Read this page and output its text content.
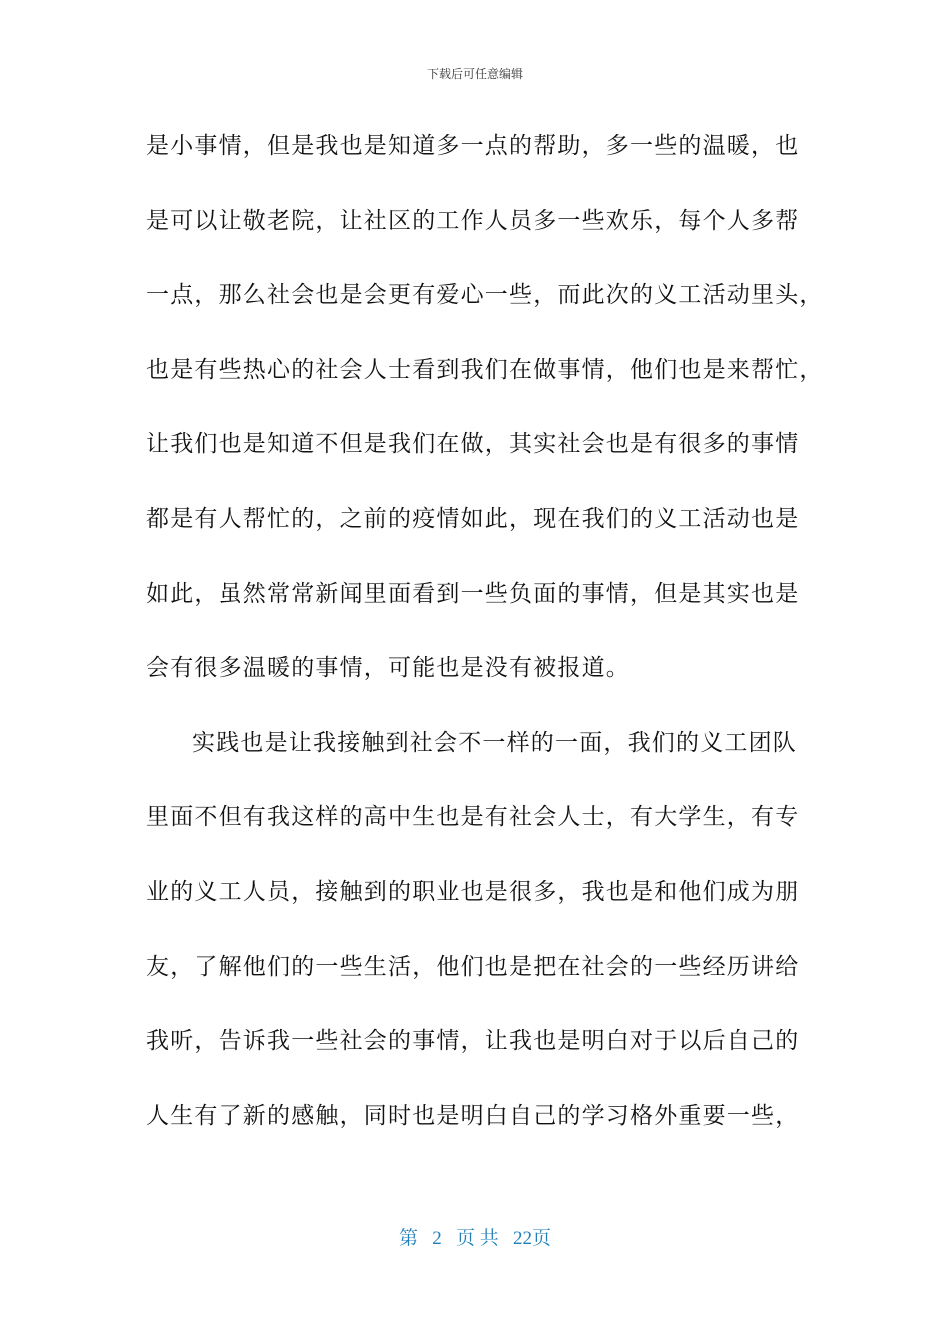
下载后可任意编辑
是小事情，但是我也是知道多一点的帮助，多一些的温暖，也
是可以让敬老院，让社区的工作人员多一些欢乐，每个人多帮
一点，那么社会也是会更有爱心一些，而此次的义工活动里头，
也是有些热心的社会人士看到我们在做事情，他们也是来帮忙，
让我们也是知道不但是我们在做，其实社会也是有很多的事情
都是有人帮忙的，之前的疫情如此，现在我们的义工活动也是
如此，虽然常常新闻里面看到一些负面的事情，但是其实也是
会有很多温暖的事情，可能也是没有被报道。
实践也是让我接触到社会不一样的一面，我们的义工团队
里面不但有我这样的高中生也是有社会人士，有大学生，有专
业的义工人员，接触到的职业也是很多，我也是和他们成为朋
友，了解他们的一些生活，他们也是把在社会的一些经历讲给
我听，告诉我一些社会的事情，让我也是明白对于以后自己的
人生有了新的感触，同时也是明白自己的学习格外重要一些，
第 2 页 共 22页
